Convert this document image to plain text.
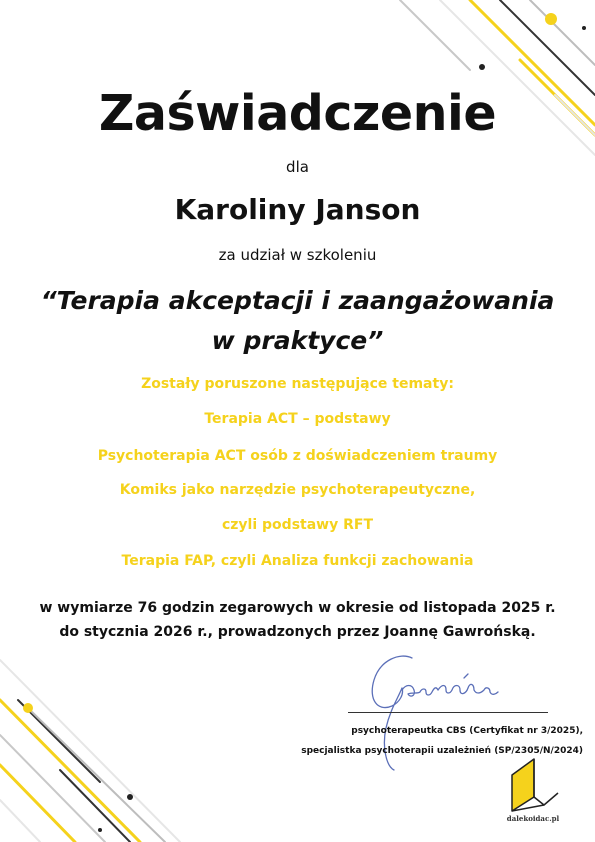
Zaświadczenie
dla
Karoliny Janson
za udział w szkoleniu
“Terapia akceptacji i zaangażowania
w praktyce”
Zostały poruszone następujące tematy:
Terapia ACT – podstawy
Psychoterapia ACT osób z doświadczeniem traumy
Komiks jako narzędzie psychoterapeutyczne,
czyli podstawy RFT
Terapia FAP, czyli Analiza funkcji zachowania
w wymiarze 76 godzin zegarowych w okresie od listopada 2025 r.
do stycznia 2026 r., prowadzonych przez Joannę Gawrońską.
psychoterapeutka CBS (Certyfikat nr 3/2025),
specjalistka psychoterapii uzależnień (SP/2305/N/2024)
dalekoidac.pl
